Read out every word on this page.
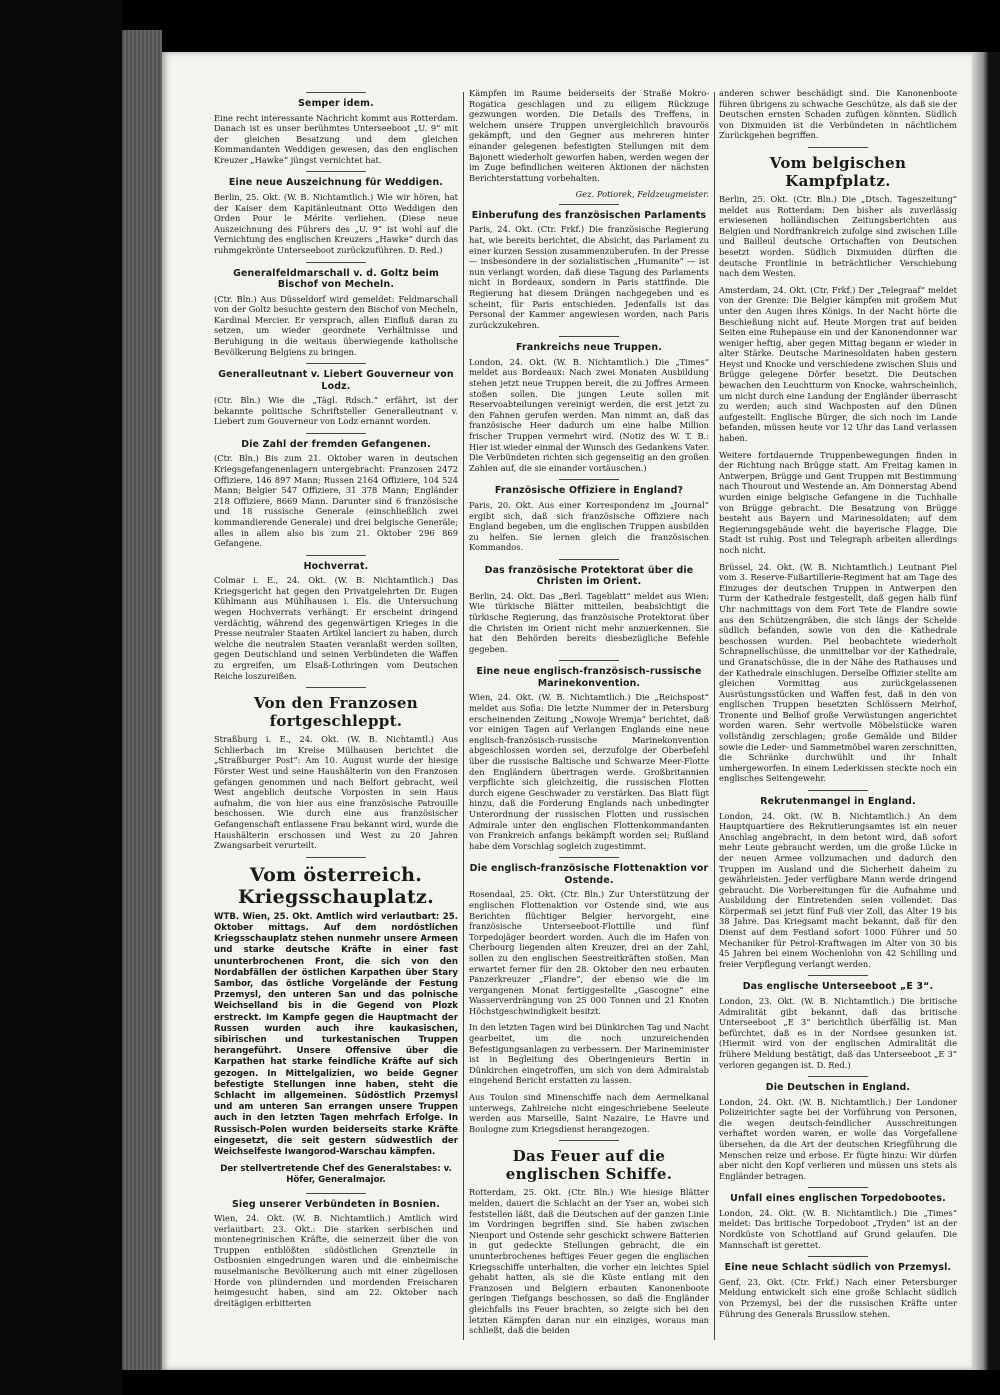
Semper idem.
Eine recht interessante Nachricht kommt aus Rotterdam. Danach ist es unser berühmtes Unterseeboot „U. 9“ mit der gleichen Besatzung und dem gleichen Kommandanten Weddigen gewesen, das den englischen Kreuzer „Hawke“ jüngst vernichtet hat.
Eine neue Auszeichnung für Weddigen.
Berlin, 25. Okt. (W. B. Nichtamtlich.) Wie wir hören, hat der Kaiser dem Kapitänleutnant Otto Weddigen den Orden Pour le Mérite verliehen. (Diese neue Auszeichnung des Führers des „U. 9“ ist wohl auf die Vernichtung des englischen Kreuzers „Hawke“ durch das ruhmgekrönte Unterseeboot zurückzuführen. D. Red.)
Generalfeldmarschall v. d. Goltz beim Bischof von Mecheln.
(Ctr. Bln.) Aus Düsseldorf wird gemeldet: Feldmarschall von der Goltz besuchte gestern den Bischof von Mecheln, Kardinal Mercier. Er versprach, allen Einfluß daran zu setzen, um wieder geordnete Verhältnisse und Beruhigung in die weitaus überwiegende katholische Bevölkerung Belgiens zu bringen.
Generalleutnant v. Liebert Gouverneur von Lodz.
(Ctr. Bln.) Wie die „Tägl. Rdsch.“ erfährt, ist der bekannte politische Schriftsteller Generalleutnant v. Liebert zum Gouverneur von Lodz ernannt worden.
Die Zahl der fremden Gefangenen.
(Ctr. Bln.) Bis zum 21. Oktober waren in deutschen Kriegsgefangenenlagern untergebracht: Franzosen 2472 Offiziere, 146 897 Mann; Russen 2164 Offiziere, 104 524 Mann; Belgier 547 Offiziere, 31 378 Mann; Engländer 218 Offiziere, 8669 Mann. Darunter sind 6 französische und 18 russische Generale (einschließlich zwei kommandierende Generale) und drei belgische Generäle; alles in allem also bis zum 21. Oktober 296 869 Gefangene.
Hochverrat.
Colmar i. E., 24. Okt. (W. B. Nichtamtlich.) Das Kriegsgericht hat gegen den Privatgelehrten Dr. Eugen Kühlmann aus Mühlhausen i. Els. die Untersuchung wegen Hochverrats verhängt. Er erscheint dringend verdächtig, während des gegenwärtigen Krieges in die Presse neutraler Staaten Artikel lanciert zu haben, durch welche die neutralen Staaten veranlaßt werden sollten, gegen Deutschland und seinen Verbündeten die Waffen zu ergreifen, um Elsaß-Lothringen vom Deutschen Reiche loszureißen.
Von den Franzosen fortgeschleppt.
Straßburg i. E., 24. Okt. (W. B. Nichtamtl.) Aus Schlierbach im Kreise Mülhausen berichtet die „Straßburger Post“: Am 10. August wurde der hiesige Förster West und seine Haushälterin von den Franzosen gefangen genommen und nach Belfort gebracht, weil West angeblich deutsche Vorposten in sein Haus aufnahm, die von hier aus eine französische Patrouille beschossen. Wie durch eine aus französischer Gefangenschaft entlassene Frau bekannt wird, wurde die Haushälterin erschossen und West zu 20 Jahren Zwangsarbeit verurteilt.
Vom österreich. Kriegsschauplatz.
WTB. Wien, 25. Okt. Amtlich wird verlautbart: 25. Oktober mittags. Auf dem nordöstlichen Kriegsschauplatz stehen nunmehr unsere Armeen und starke deutsche Kräfte in einer fast ununterbrochenen Front, die sich von den Nordabfällen der östlichen Karpathen über Stary Sambor, das östliche Vorgelände der Festung Przemysl, den unteren San und das polnische Weichselland bis in die Gegend von Plozk erstreckt. Im Kampfe gegen die Hauptmacht der Russen wurden auch ihre kaukasischen, sibirischen und turkestanischen Truppen herangeführt. Unsere Offensive über die Karpathen hat starke feindliche Kräfte auf sich gezogen. In Mittelgalizien, wo beide Gegner befestigte Stellungen inne haben, steht die Schlacht im allgemeinen. Südöstlich Przemysl und am unteren San errangen unsere Truppen auch in den letzten Tagen mehrfach Erfolge. In Russisch-Polen wurden beiderseits starke Kräfte eingesetzt, die seit gestern südwestlich der Weichselfeste Iwangorod-Warschau kämpfen.
Der stellvertretende Chef des Generalstabes: v. Höfer, Generalmajor.
Sieg unserer Verbündeten in Bosnien.
Wien, 24. Okt. (W. B. Nichtamtlich.) Amtlich wird verlautbart: 23. Okt.: Die starken serbischen und montenegrinischen Kräfte, die seinerzeit über die von Truppen entblößten südöstlichen Grenzteile in Ostbosnien eingedrungen waren und die einheimische muselmanische Bevölkerung auch mit einer zügellosen Horde von plündernden und mordenden Freischaren heimgesucht haben, sind am 22. Oktober nach dreitägigen erbitterten
Kämpfen im Raume beiderseits der Straße Mokro-Rogatica geschlagen und zu eiligem Rückzuge gezwungen worden. Die Details des Treffens, in welchem unsere Truppen unvergleichlich bravourös gekämpft, und den Gegner aus mehreren hinter einander gelegenen befestigten Stellungen mit dem Bajonett wiederholt geworfen haben, werden wegen der im Zuge befindlichen weiteren Aktionen der nächsten Berichterstattung vorbehalten.
Gez. Potiorek, Feldzeugmeister.
Einberufung des französischen Parlaments
Paris, 24. Okt. (Ctr. Frkf.) Die französische Regierung hat, wie bereits berichtet, die Absicht, das Parlament zu einer kurzen Session zusammenzuberufen. In der Presse — insbesondere in der sozialistischen „Humanite“ — ist nun verlangt worden, daß diese Tagung des Parlaments nicht in Bordeaux, sondern in Paris stattfinde. Die Regierung hat diesem Drängen nachgegeben und es scheint, für Paris entschieden. Jedenfalls ist das Personal der Kammer angewiesen worden, nach Paris zurückzukehren.
Frankreichs neue Truppen.
London, 24. Okt. (W. B. Nichtamtlich.) Die „Times“ meldet aus Bordeaux: Nach zwei Monaten Ausbildung stehen jetzt neue Truppen bereit, die zu Joffres Armeen stoßen sollen. Die jungen Leute sollen mit Reservoabteilungen vereinigt werden, die erst jetzt zu den Fahnen gerufen werden. Man nimmt an, daß das französische Heer dadurch um eine halbe Million frischer Truppen vermehrt wird. (Notiz des W. T. B.: Hier ist wieder einmal der Wunsch des Gedankens Vater. Die Verbündeten richten sich gegenseitig an den großen Zahlen auf, die sie einander vortäuschen.)
Französische Offiziere in England?
Paris, 20. Okt. Aus einer Korrespondenz im „Journal“ ergibt sich, daß sich französische Offiziere nach England begeben, um die englischen Truppen ausbilden zu helfen. Sie lernen gleich die französischen Kommandos.
Das französische Protektorat über die Christen im Orient.
Berlin, 24. Okt. Das „Berl. Tageblatt“ meldet aus Wien: Wie türkische Blätter mitteilen, beabsichtigt die türkische Regierung, das französische Protektorat über die Christen im Orient nicht mehr anzuerkennen. Sie hat den Behörden bereits diesbezügliche Befehle gegeben.
Eine neue englisch-französisch-russische Marinekonvention.
Wien, 24. Okt. (W. B. Nichtamtlich.) Die „Reichspost“ meldet aus Sofia: Die letzte Nummer der in Petersburg erscheinenden Zeitung „Nowoje Wremja“ berichtet, daß vor einigen Tagen auf Verlangen Englands eine neue englisch-französisch-russische Marinekonvention abgeschlossen worden sei, derzufolge der Oberbefehl über die russische Baltische und Schwarze Meer-Flotte den Engländern übertragen werde. Großbritannien verpflichte sich gleichzeitig, die russischen Flotten durch eigene Geschwader zu verstärken. Das Blatt fügt hinzu, daß die Forderung Englands nach unbedingter Unterordnung der russischen Flotten und russischen Admirale unter den englischen Flottenkommandanten von Frankreich anfangs bekämpft worden sei; Rußland habe dem Vorschlag sogleich zugestimmt.
Die englisch-französische Flottenaktion vor Ostende.
Rosendaal, 25. Okt. (Ctr. Bln.) Zur Unterstützung der englischen Flottenaktion vor Ostende sind, wie aus Berichten flüchtiger Belgier hervorgeht, eine französische Unterseeboot-Flottille und fünf Torpedojäger beordert worden. Auch die im Hafen von Cherbourg liegenden alten Kreuzer, drei an der Zahl, sollen zu den englischen Seestreitkräften stoßen. Man erwartet ferner für den 28. Oktober den neu erbauten Panzerkreuzer „Flandre“, der ebenso wie die im vergangenen Monat fertiggestellte „Gascogne“ eine Wasserverdrängung von 25 000 Tonnen und 21 Knoten Höchstgeschwindigkeit besitzt.
In den letzten Tagen wird bei Dünkirchen Tag und Nacht gearbeitet, um die noch unzureichenden Befestigungsanlagen zu verbessern. Der Marineminister ist in Begleitung des Oberingenieurs Bertin in Dünkirchen eingetroffen, um sich von dem Admiralstab eingehend Bericht erstatten zu lassen.
Aus Toulon sind Minenschiffe nach dem Aermelkanal unterwegs. Zahlreiche nicht eingeschriebene Seeleute werden aus Marseille, Saint Nazaire, Le Havre und Boulogne zum Kriegsdienst herangezogen.
Das Feuer auf die englischen Schiffe.
Rotterdam, 25. Okt. (Ctr. Bln.) Wie hiesige Blätter melden, dauert die Schlacht an der Yser an, wobei sich feststellen läßt, daß die Deutschen auf der ganzen Linie im Vordringen begriffen sind. Sie haben zwischen Nieuport und Ostende sehr geschickt schwere Batterien in gut gedeckte Stellungen gebracht, die ein ununterbrochenes heftiges Feuer gegen die englischen Kriegsschiffe unterhalten, die vorher ein leichtes Spiel gehabt hatten, als sie die Küste entlang mit den Franzosen und Belgiern erbauten Kanonenboote geringen Tiefgangs beschossen, so daß die Engländer gleichfalls ins Feuer brachten, so zeigte sich bei den letzten Kämpfen daran nur ein einziges, woraus man schließt, daß die beiden
anderen schwer beschädigt sind. Die Kanonenboote führen übrigens zu schwache Geschütze, als daß sie der Deutschen ernsten Schaden zufügen könnten. Südlich von Dixmuiden ist die Verbündeten in nächtlichem Zurückgehen begriffen.
Vom belgischen Kampfplatz.
Berlin, 25. Okt. (Ctr. Bln.) Die „Dtsch. Tageszeitung“ meldet aus Rotterdam: Den bisher als zuverlässig erwiesenen holländischen Zeitungsberichten aus Belgien und Nordfrankreich zufolge sind zwischen Lille und Bailleul deutsche Ortschaften von Deutschen besetzt worden. Südlich Dixmuiden dürften die deutsche Frontlinie in beträchtlicher Verschiebung nach dem Westen.
Amsterdam, 24. Okt. (Ctr. Frkf.) Der „Telegraaf“ meldet von der Grenze: Die Belgier kämpfen mit großem Mut unter den Augen ihres Königs. In der Nacht hörte die Beschießung nicht auf. Heute Morgen trat auf beiden Seiten eine Ruhepause ein und der Kanonendonner war weniger heftig, aber gegen Mittag begann er wieder in alter Stärke. Deutsche Marinesoldaten haben gestern Heyst und Knocke und verschiedene zwischen Sluis und Brügge gelegene Dörfer besetzt. Die Deutschen bewachen den Leuchtturm von Knocke, wahrscheinlich, um nicht durch eine Landung der Engländer überrascht zu werden; auch sind Wachposten auf den Dünen aufgestellt. Englische Bürger, die sich noch im Lande befanden, müssen heute vor 12 Uhr das Land verlassen haben.
Weitere fortdauernde Truppenbewegungen finden in der Richtung nach Brügge statt. Am Freitag kamen in Antwerpen, Brügge und Gent Truppen mit Bestimmung nach Thourout und Westende an. Am Donnerstag Abend wurden einige belgische Gefangene in die Tuchhalle von Brügge gebracht. Die Besatzung von Brügge besteht aus Bayern und Marinesoldaten; auf dem Regierungsgebäude weht die bayerische Flagge. Die Stadt ist ruhig. Post und Telegraph arbeiten allerdings noch nicht.
Brüssel, 24. Okt. (W. B. Nichtamtlich.) Leutnant Piel vom 3. Reserve-Fußartillerie-Regiment hat am Tage des Einzuges der deutschen Truppen in Antwerpen den Turm der Kathedrale festgestellt, daß gegen halb fünf Uhr nachmittags von dem Fort Tete de Flandre sowie aus den Schützengräben, die sich längs der Schelde südlich befanden, sowie von den die Kathedrale beschossen wurden. Piel beobachtete wiederholt Schrapnellschüsse, die unmittelbar vor der Kathedrale, und Granatschüsse, die in der Nähe des Rathauses und der Kathedrale einschlugen. Derselbe Offizier stellte am gleichen Vormittag aus zurückgelassenen Ausrüstungsstücken und Waffen fest, daß in den von englischen Truppen besetzten Schlössern Meirhof, Tronente und Belhof große Verwüstungen angerichtet worden waren. Sehr wertvolle Möbelstücke waren vollständig zerschlagen; große Gemälde und Bilder sowie die Leder- und Sammetmöbel waren zerschnitten, die Schränke durchwühlt und ihr Inhalt umhergeworfen. In einem Lederkissen steckte noch ein englisches Seitengewehr.
Rekrutenmangel in England.
London, 24. Okt. (W. B. Nichtamtlich.) An dem Hauptquartiere des Rekrutierungsamtes ist ein neuer Anschlag angebracht, in dem betont wird, daß sofort mehr Leute gebraucht werden, um die große Lücke in der neuen Armee vollzumachen und dadurch den Truppen im Ausland und die Sicherheit daheim zu gewährleisten. Jeder verfügbare Mann werde dringend gebraucht. Die Vorbereitungen für die Aufnahme und Ausbildung der Eintretenden seien vollendet. Das Körpermaß sei jetzt fünf Fuß vier Zoll, das Alter 19 bis 38 Jahre. Das Kriegsamt macht bekannt, daß für den Dienst auf dem Festland sofort 1000 Führer und 50 Mechaniker für Petrol-Kraftwagen im Alter von 30 bis 45 Jahren bei einem Wochenlohn von 42 Schilling und freier Verpflegung verlangt werden.
Das englische Unterseeboot „E 3“.
London, 23. Okt. (W. B. Nichtamtlich.) Die britische Admiralität gibt bekannt, daß das britische Unterseeboot „E 3“ berichtlich überfällig ist. Man befürchtet, daß es in der Nordsee gesunken ist. (Hiermit wird von der englischen Admiralität die frühere Meldung bestätigt, daß das Unterseeboot „E 3“ verloren gegangen ist. D. Red.)
Die Deutschen in England.
London, 24. Okt. (W. B. Nichtamtlich.) Der Londoner Polizeirichter sagte bei der Vorführung von Personen, die wegen deutsch-feindlicher Ausschreitungen verhaftet worden waren, er wolle das Vorgefallene übersehen, da die Art der deutschen Kriegführung die Menschen reize und erbose. Er fügte hinzu: Wir dürfen aber nicht den Kopf verlieren und müssen uns stets als Engländer betragen.
Unfall eines englischen Torpedobootes.
London, 24. Okt. (W. B. Nichtamtlich.) Die „Times“ meldet: Das britische Torpedoboot „Tryden“ ist an der Nordküste von Schottland auf Grund gelaufen. Die Mannschaft ist gerettet.
Eine neue Schlacht südlich von Przemysl.
Genf, 23. Okt. (Ctr. Frkf.) Nach einer Petersburger Meldung entwickelt sich eine große Schlacht südlich von Przemysl, bei der die russischen Kräfte unter Führung des Generals Brussilow stehen.
